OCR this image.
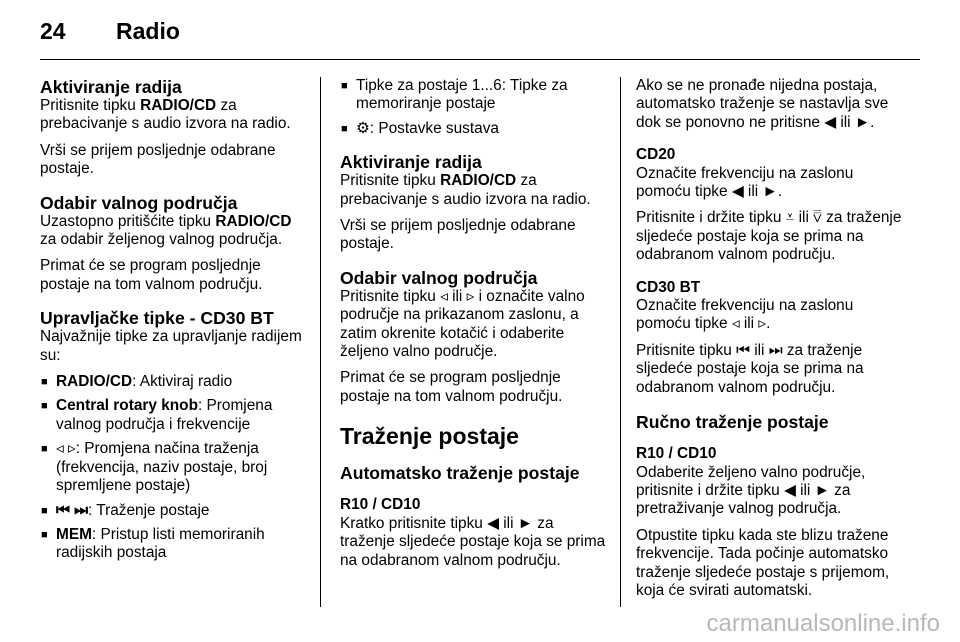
24 Radio
Aktiviranje radija

Pritisnite tipku RADIO/CD za prebacivanje s audio izvora na radio.

Vrši se prijem posljednje odabrane postaje.

Odabir valnog područja

Uzastopno pritišćite tipku RADIO/CD za odabir željenog valnog područja.

Primat će se program posljednje postaje na tom valnom području.

Upravljačke tipke - CD30 BT

Najvažnije tipke za upravljanje radijem su:

■ RADIO/CD: Aktiviraj radio
■ Central rotary knob: Promjena valnog područja i frekvencije
■ ◃ ▹: Promjena načina traženja (frekvencija, naziv postaje, broj spremljene postaje)
■ ⏮ ⏭: Traženje postaje
■ MEM: Pristup listi memoriranih radijskih postaja
■ Tipke za postaje 1...6: Tipke za memoriranje postaje
■ ⚙: Postavke sustava
Aktiviranje radija

Pritisnite tipku RADIO/CD za prebacivanje s audio izvora na radio.

Vrši se prijem posljednje odabrane postaje.

Odabir valnog područja

Pritisnite tipku ◃ ili ▹ i označite valno područje na prikazanom zaslonu, a zatim okrenite kotačić i odaberite željeno valno područje.

Primat će se program posljednje postaje na tom valnom području.

Traženje postaje
Automatsko traženje postaje
R10 / CD10

Kratko pritisnite tipku ◀ ili ► za traženje sljedeće postaje koja se prima na odabranom valnom području.

Ako se ne pronađe nijedna postaja, automatsko traženje se nastavlja sve dok se ponovno ne pritisne ◀ ili ►.

CD20

Označite frekvenciju na zaslonu pomoću tipke ◀ ili ►.

Pritisnite i držite tipku ⩡ ili ⩢ za traženje sljedeće postaje koja se prima na odabranom valnom području.

CD30 BT

Označite frekvenciju na zaslonu pomoću tipke ◃ ili ▹.

Pritisnite tipku ⏮ ili ⏭ za traženje sljedeće postaje koja se prima na odabranom valnom području.

Ručno traženje postaje
R10 / CD10

Odaberite željeno valno područje, pritisnite i držite tipku ◀ ili ► za pretraživanje valnog područja.

Otpustite tipku kada ste blizu tražene frekvencije. Tada počinje automatsko traženje sljedeće postaje s prijemom, koja će svirati automatski.

carmanualsonline.info
